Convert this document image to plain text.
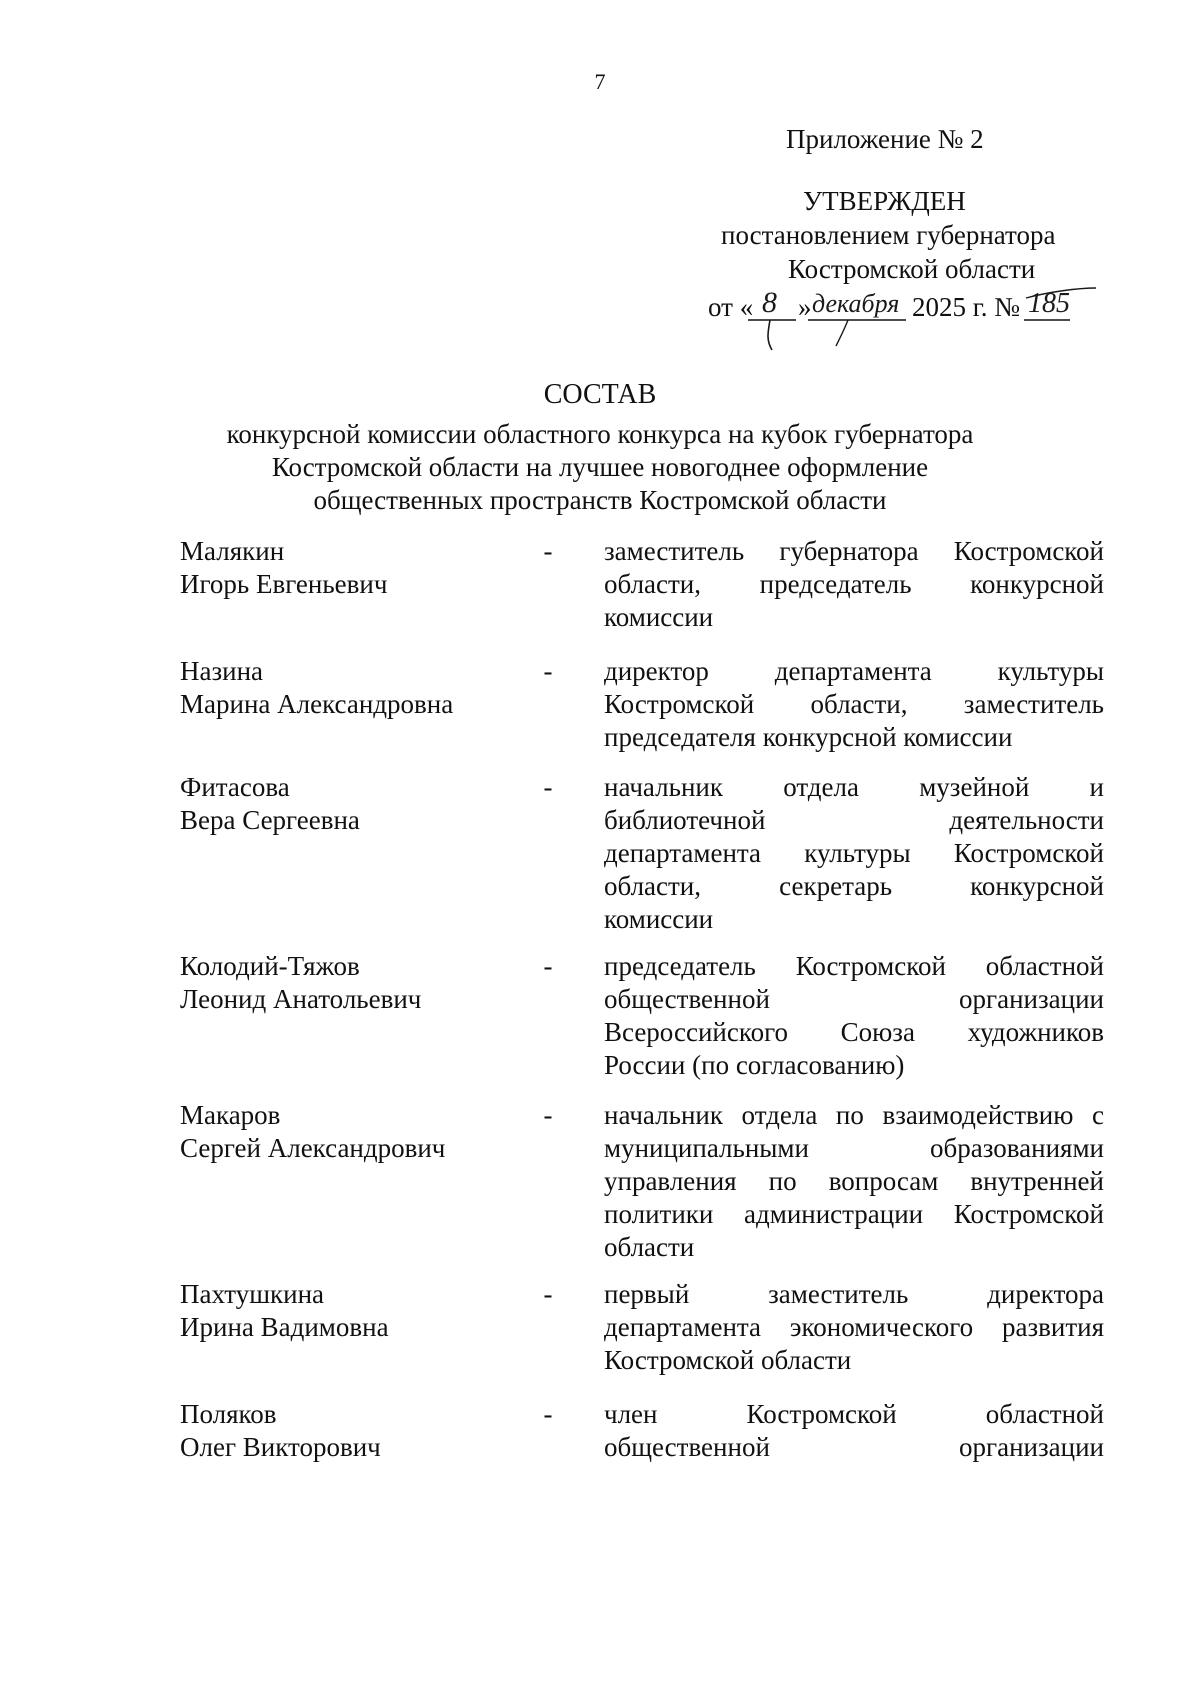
7
Приложение № 2
УТВЕРЖДЕН
постановлением губернатора
Костромской области
от « 8 » декабря 2025 г. № 185
СОСТАВ
конкурсной комиссии областного конкурса на кубок губернатора
Костромской области на лучшее новогоднее оформление
общественных пространств Костромской области
Малякин
Игорь Евгеньевич
- заместитель губернатора Костромской
области, председатель конкурсной
комиссии
Назина
Марина Александровна
- директор департамента культуры
Костромской области, заместитель
председателя конкурсной комиссии
Фитасова
Вера Сергеевна
- начальник отдела музейной и
библиотечной деятельности
департамента культуры Костромской
области, секретарь конкурсной
комиссии
Колодий-Тяжов
Леонид Анатольевич
- председатель Костромской областной
общественной организации
Всероссийского Союза художников
России (по согласованию)
Макаров
Сергей Александрович
- начальник отдела по взаимодействию с
муниципальными образованиями
управления по вопросам внутренней
политики администрации Костромской
области
Пахтушкина
Ирина Вадимовна
- первый заместитель директора
департамента экономического развития
Костромской области
Поляков
Олег Викторович
- член Костромской областной
общественной организации
